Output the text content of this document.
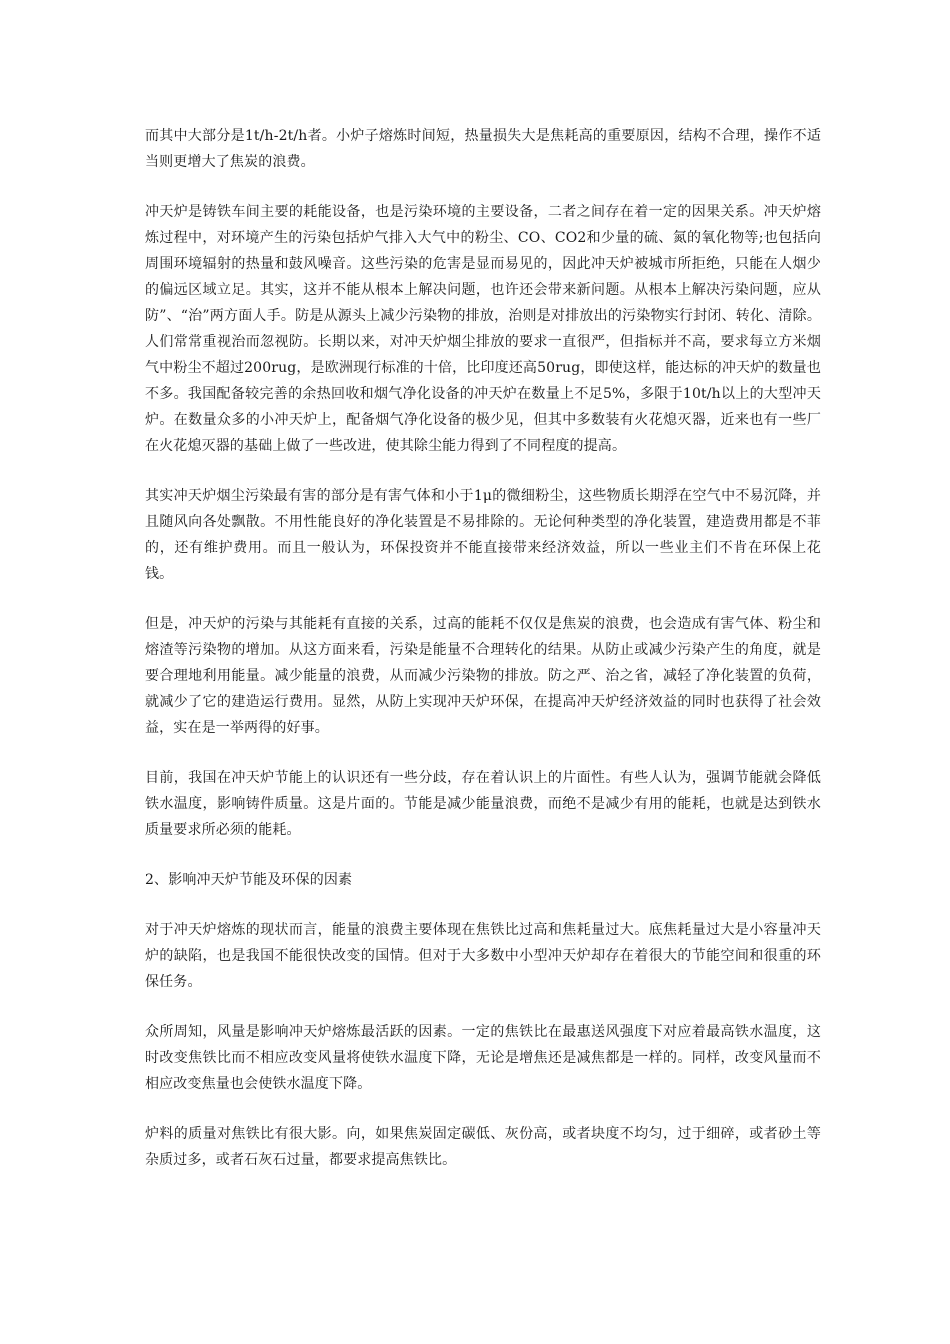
而其中大部分是1t/h-2t/h者。小炉子熔炼时间短，热量损失大是焦耗高的重要原因，结构不合理，操作不适当则更增大了焦炭的浪费。

冲天炉是铸铁车间主要的耗能设备，也是污染环境的主要设备，二者之间存在着一定的因果关系。冲天炉熔炼过程中，对环境产生的污染包括炉气排入大气中的粉尘、CO、CO2和少量的硫、氮的氧化物等;也包括向周围环境辐射的热量和鼓风噪音。这些污染的危害是显而易见的，因此冲天炉被城市所拒绝，只能在人烟少的偏远区域立足。其实，这并不能从根本上解决问题，也许还会带来新问题。从根本上解决污染问题，应从防”、“治”两方面人手。防是从源头上减少污染物的排放，治则是对排放出的污染物实行封闭、转化、清除。人们常常重视治而忽视防。长期以来，对冲天炉烟尘排放的要求一直很严，但指标并不高，要求每立方米烟气中粉尘不超过200rug，是欧洲现行标准的十倍，比印度还高50rug，即使这样，能达标的冲天炉的数量也不多。我国配备较完善的余热回收和烟气净化设备的冲天炉在数量上不足5%，多限于10t/h以上的大型冲天炉。在数量众多的小冲天炉上，配备烟气净化设备的极少见，但其中多数装有火花熄灭器，近来也有一些厂在火花熄灭器的基础上做了一些改进，使其除尘能力得到了不同程度的提高。

其实冲天炉烟尘污染最有害的部分是有害气体和小于1μ的微细粉尘，这些物质长期浮在空气中不易沉降，并且随风向各处飘散。不用性能良好的净化装置是不易排除的。无论何种类型的净化装置，建造费用都是不菲的，还有维护费用。而且一般认为，环保投资并不能直接带来经济效益，所以一些业主们不肯在环保上花钱。

但是，冲天炉的污染与其能耗有直接的关系，过高的能耗不仅仅是焦炭的浪费，也会造成有害气体、粉尘和熔渣等污染物的增加。从这方面来看，污染是能量不合理转化的结果。从防止或减少污染产生的角度，就是要合理地利用能量。减少能量的浪费，从而减少污染物的排放。防之严、治之省，减轻了净化装置的负荷，就减少了它的建造运行费用。显然，从防上实现冲天炉环保，在提高冲天炉经济效益的同时也获得了社会效益，实在是一举两得的好事。

目前，我国在冲天炉节能上的认识还有一些分歧，存在着认识上的片面性。有些人认为，强调节能就会降低铁水温度，影响铸件质量。这是片面的。节能是减少能量浪费，而绝不是减少有用的能耗，也就是达到铁水质量要求所必须的能耗。

2、影响冲天炉节能及环保的因素

对于冲天炉熔炼的现状而言，能量的浪费主要体现在焦铁比过高和焦耗量过大。底焦耗量过大是小容量冲天炉的缺陷，也是我国不能很快改变的国情。但对于大多数中小型冲天炉却存在着很大的节能空间和很重的环保任务。

众所周知，风量是影响冲天炉熔炼最活跃的因素。一定的焦铁比在最惠送风强度下对应着最高铁水温度，这时改变焦铁比而不相应改变风量将使铁水温度下降，无论是增焦还是减焦都是一样的。同样，改变风量而不相应改变焦量也会使铁水温度下降。

炉料的质量对焦铁比有很大影。向，如果焦炭固定碳低、灰份高，或者块度不均匀，过于细碎，或者砂土等杂质过多，或者石灰石过量，都要求提高焦铁比。
